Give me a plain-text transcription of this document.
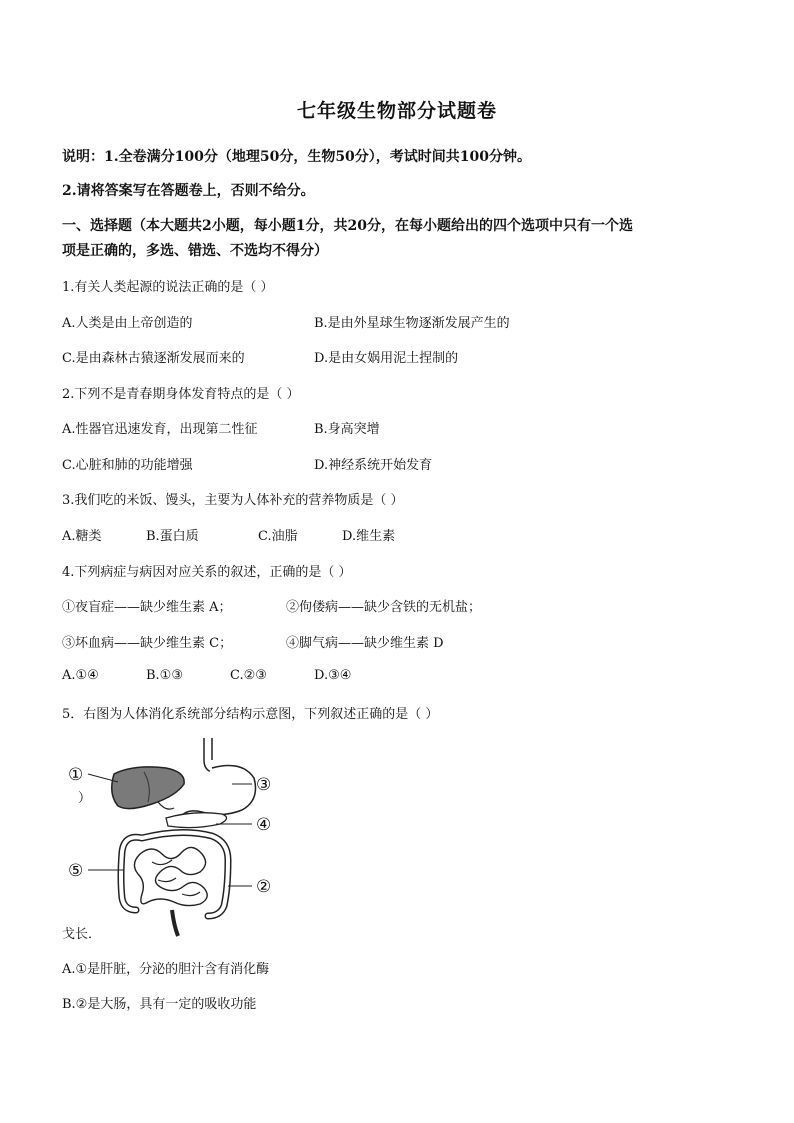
七年级生物部分试题卷
说明：1.全卷满分100分（地理50分，生物50分），考试时间共100分钟。
2.请将答案写在答题卷上，否则不给分。
一、选择题（本大题共2小题，每小题1分，共20分，在每小题给出的四个选项中只有一个选
项是正确的，多选、错选、不选均不得分）
1.有关人类起源的说法正确的是（ ）
A.人类是由上帝创造的	B.是由外星球生物逐渐发展产生的
C.是由森林古猿逐渐发展而来的	D.是由女娲用泥土捏制的
2.下列不是青春期身体发育特点的是（ ）
A.性器官迅速发育，出现第二性征	B.身高突增
C.心脏和肺的功能增强	D.神经系统开始发育
3.我们吃的米饭、馒头，主要为人体补充的营养物质是（ ）
A.糖类	B.蛋白质	C.油脂	D.维生素
4.下列病症与病因对应关系的叙述，正确的是（ ）
①夜盲症——缺少维生素 A；	②佝偻病——缺少含铁的无机盐；
③坏血病——缺少维生素 C；	④脚气病——缺少维生素 D
A.①④	B.①③	C.②③	D.③④
5．右图为人体消化系统部分结构示意图，下列叙述正确的是（ ）
①
②
③
④
⑤
）
戈长．
A.①是肝脏，分泌的胆汁含有消化酶
B.②是大肠，具有一定的吸收功能
